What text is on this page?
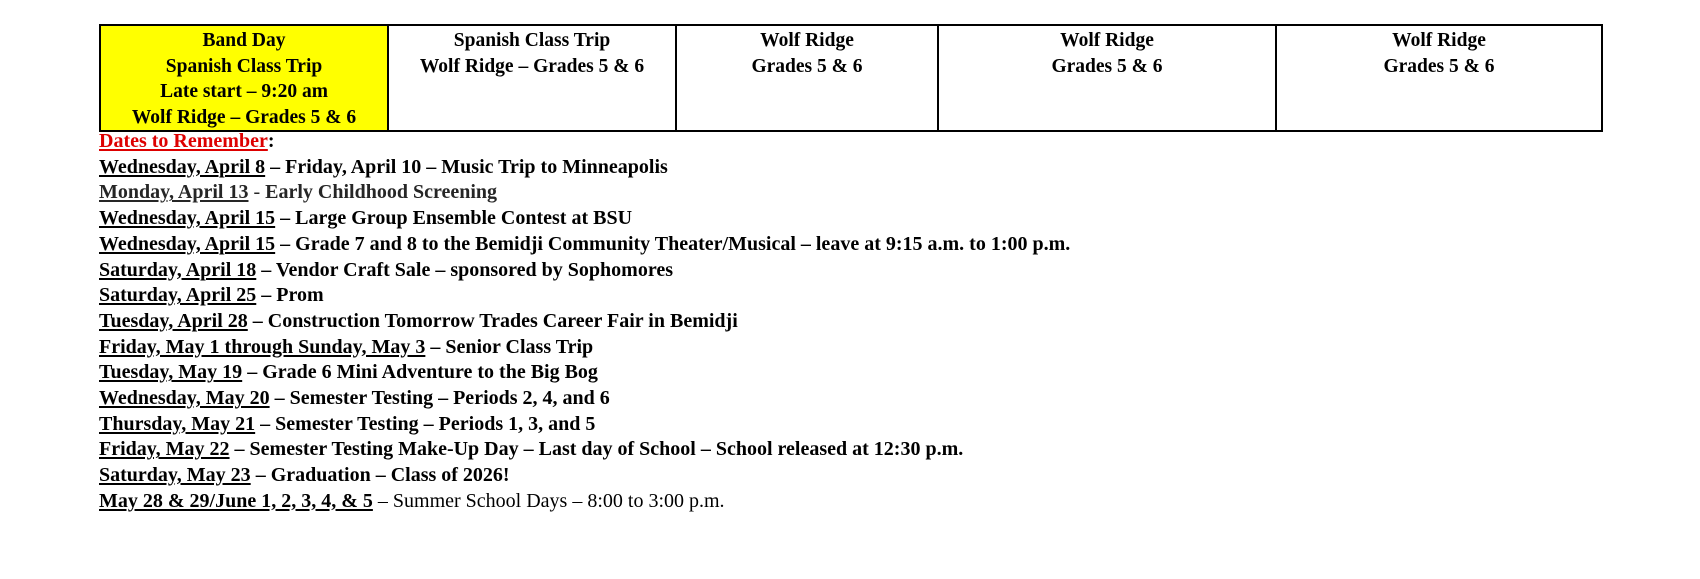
Band Day
Spanish Class Trip
Late start – 9:20 am
Wolf Ridge – Grades 5 & 6

Spanish Class Trip
Wolf Ridge – Grades 5 & 6

Wolf Ridge
Grades 5 & 6

Wolf Ridge
Grades 5 & 6

Wolf Ridge
Grades 5 & 6
Dates to Remember:
Wednesday, April 8 – Friday, April 10 – Music Trip to Minneapolis
Monday, April 13 - Early Childhood Screening
Wednesday, April 15 – Large Group Ensemble Contest at BSU
Wednesday, April 15 – Grade 7 and 8 to the Bemidji Community Theater/Musical – leave at 9:15 a.m. to 1:00 p.m.
Saturday, April 18 – Vendor Craft Sale – sponsored by Sophomores
Saturday, April 25 – Prom
Tuesday, April 28 – Construction Tomorrow Trades Career Fair in Bemidji
Friday, May 1 through Sunday, May 3 – Senior Class Trip
Tuesday, May 19 – Grade 6 Mini Adventure to the Big Bog
Wednesday, May 20 – Semester Testing – Periods 2, 4, and 6
Thursday, May 21 – Semester Testing – Periods 1, 3, and 5
Friday, May 22 – Semester Testing Make-Up Day – Last day of School – School released at 12:30 p.m.
Saturday, May 23 – Graduation – Class of 2026!
May 28 & 29/June 1, 2, 3, 4, & 5 – Summer School Days – 8:00 to 3:00 p.m.
